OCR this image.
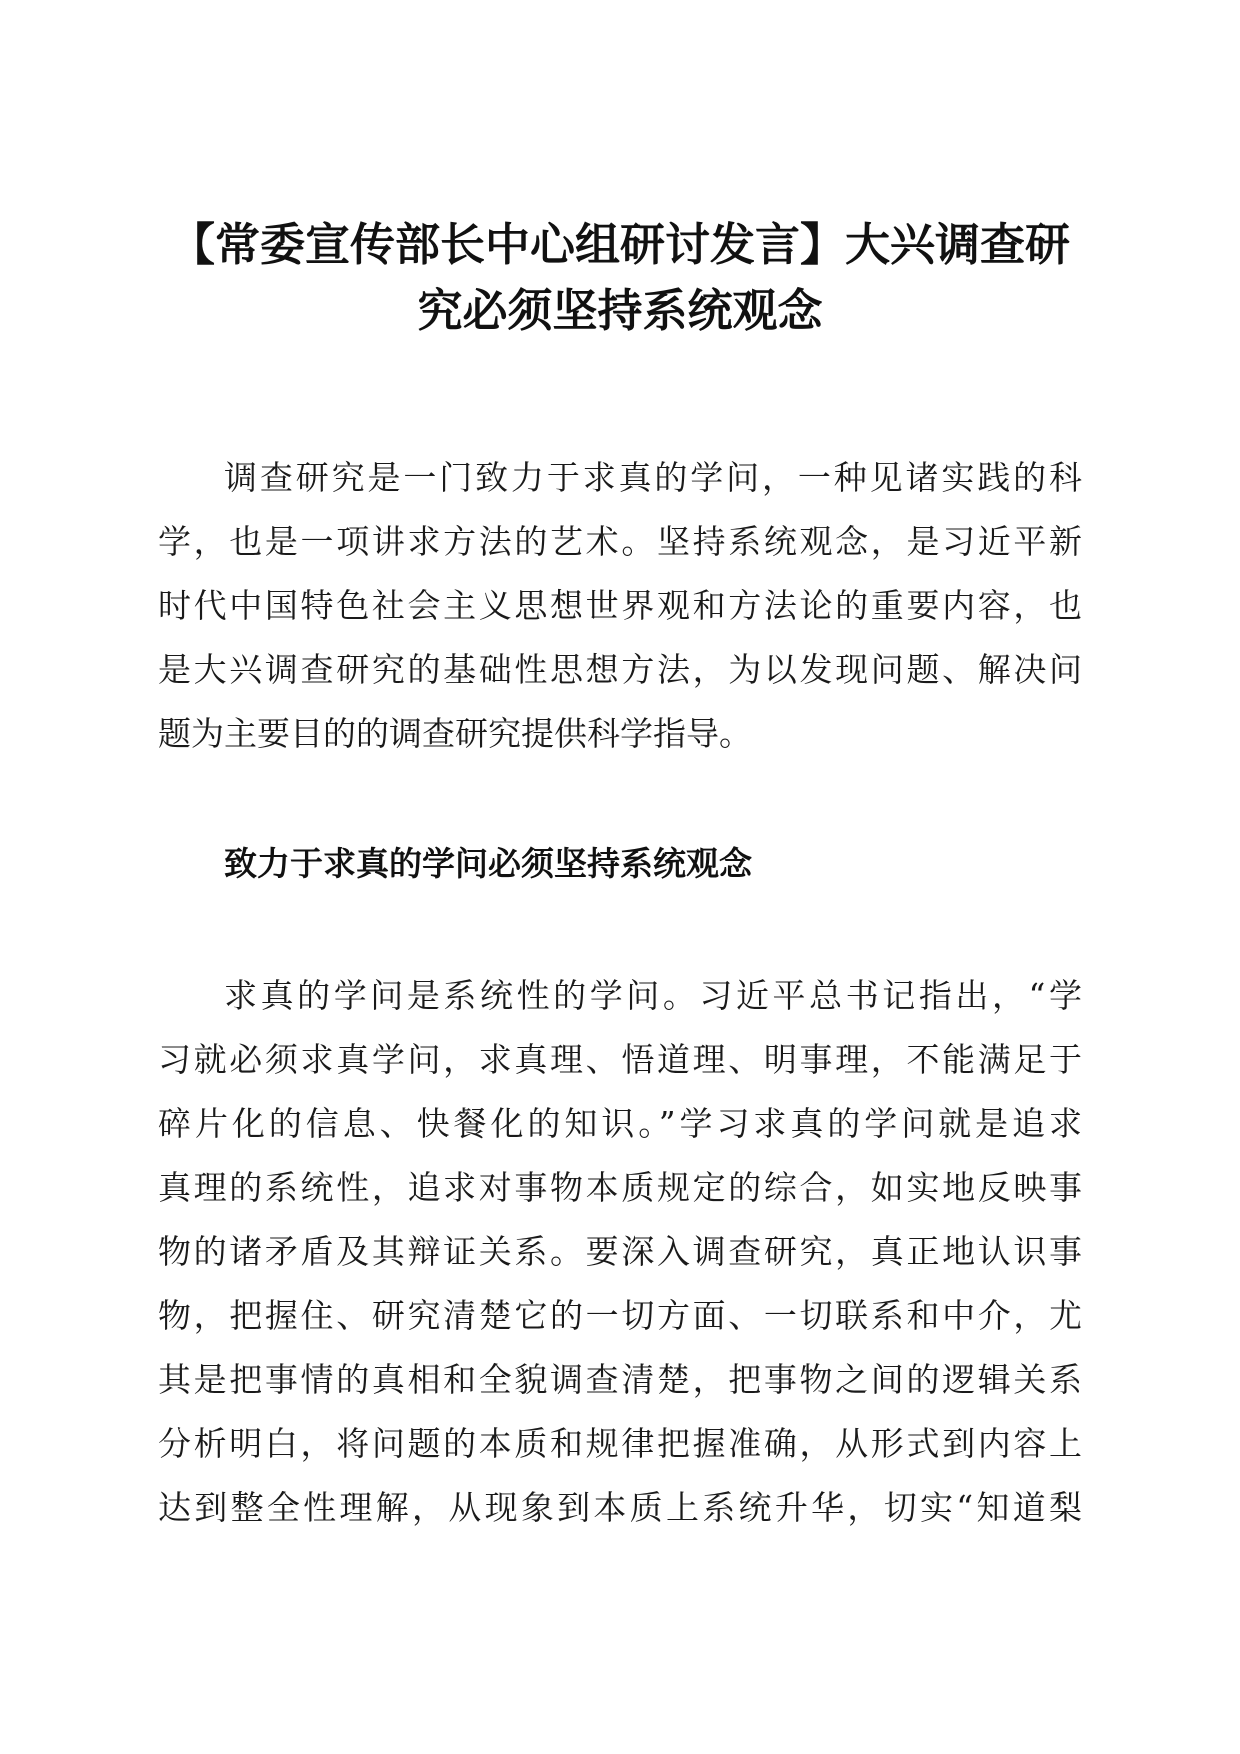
【常委宣传部长中心组研讨发言】大兴调查研
究必须坚持系统观念

调查研究是一门致力于求真的学问，一种见诸实践的科
学，也是一项讲求方法的艺术。坚持系统观念，是习近平新
时代中国特色社会主义思想世界观和方法论的重要内容，也
是大兴调查研究的基础性思想方法，为以发现问题、解决问
题为主要目的的调查研究提供科学指导。

致力于求真的学问必须坚持系统观念

求真的学问是系统性的学问。习近平总书记指出，“学
习就必须求真学问，求真理、悟道理、明事理，不能满足于
碎片化的信息、快餐化的知识。”学习求真的学问就是追求
真理的系统性，追求对事物本质规定的综合，如实地反映事
物的诸矛盾及其辩证关系。要深入调查研究，真正地认识事
物，把握住、研究清楚它的一切方面、一切联系和中介，尤
其是把事情的真相和全貌调查清楚，把事物之间的逻辑关系
分析明白，将问题的本质和规律把握准确，从形式到内容上
达到整全性理解，从现象到本质上系统升华，切实“知道梨
